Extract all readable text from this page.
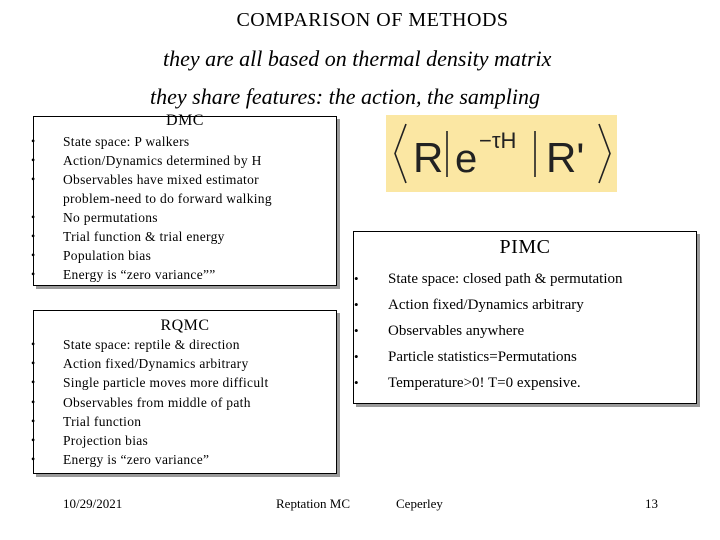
COMPARISON OF METHODS
they are all based on thermal density matrix
they share features: the action, the sampling
DMC
• State space: P walkers
• Action/Dynamics determined by H
• Observables have mixed estimator
problem-need to do forward walking
• No permutations
• Trial function & trial energy
• Population bias
• Energy is “zero variance””
R e −τH R'
RQMC
• State space: reptile & direction
• Action fixed/Dynamics arbitrary
• Single particle moves more difficult
• Observables from middle of path
• Trial function
• Projection bias
• Energy is “zero variance”
PIMC
• State space: closed path & permutation
• Action fixed/Dynamics arbitrary
• Observables anywhere
• Particle statistics=Permutations
• Temperature>0! T=0 expensive.
10/29/2021	Reptation MC	Ceperley	13
